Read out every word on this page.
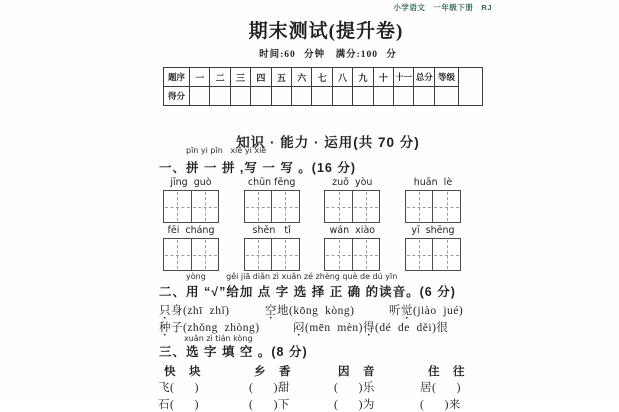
小学语文　一年级下册　RJ
期末测试(提升卷)
时间:60 分钟　满分:100 分
题序	一	二	三	四	五	六	七	八	九	十	十一	总分	等级
得分													
知识 · 能力 · 运用(共 70 分)
pīn yi pīn   xiě yi xiě
一、拼 一 拼 ,写 一 写 。(16 分)
jīng  guò	chūn fēng	zuǒ  yòu	huān  lè
fēi  cháng	shēn   tǐ	wán  xiào	yī  shēng
yòng        gěi jiā diǎn zì xuǎn zé zhèng què de dú yīn
二、用 “√”给加 点 字 选 择 正 确 的读音。(6 分)
只身(zhī  zhǐ)	空地(kōng  kòng)	听觉(jiào  jué)
种子(zhǒng  zhòng)	闷(mēn  mèn)得(dé  de  děi)很
xuǎn zì tián kòng
三、选 字 填 空 。(8 分)
快　块	乡　香	因　音	住　往
飞(      )	(      )甜	(      )乐	居(      )
石(      )	(      )下	(      )为	(      )来
